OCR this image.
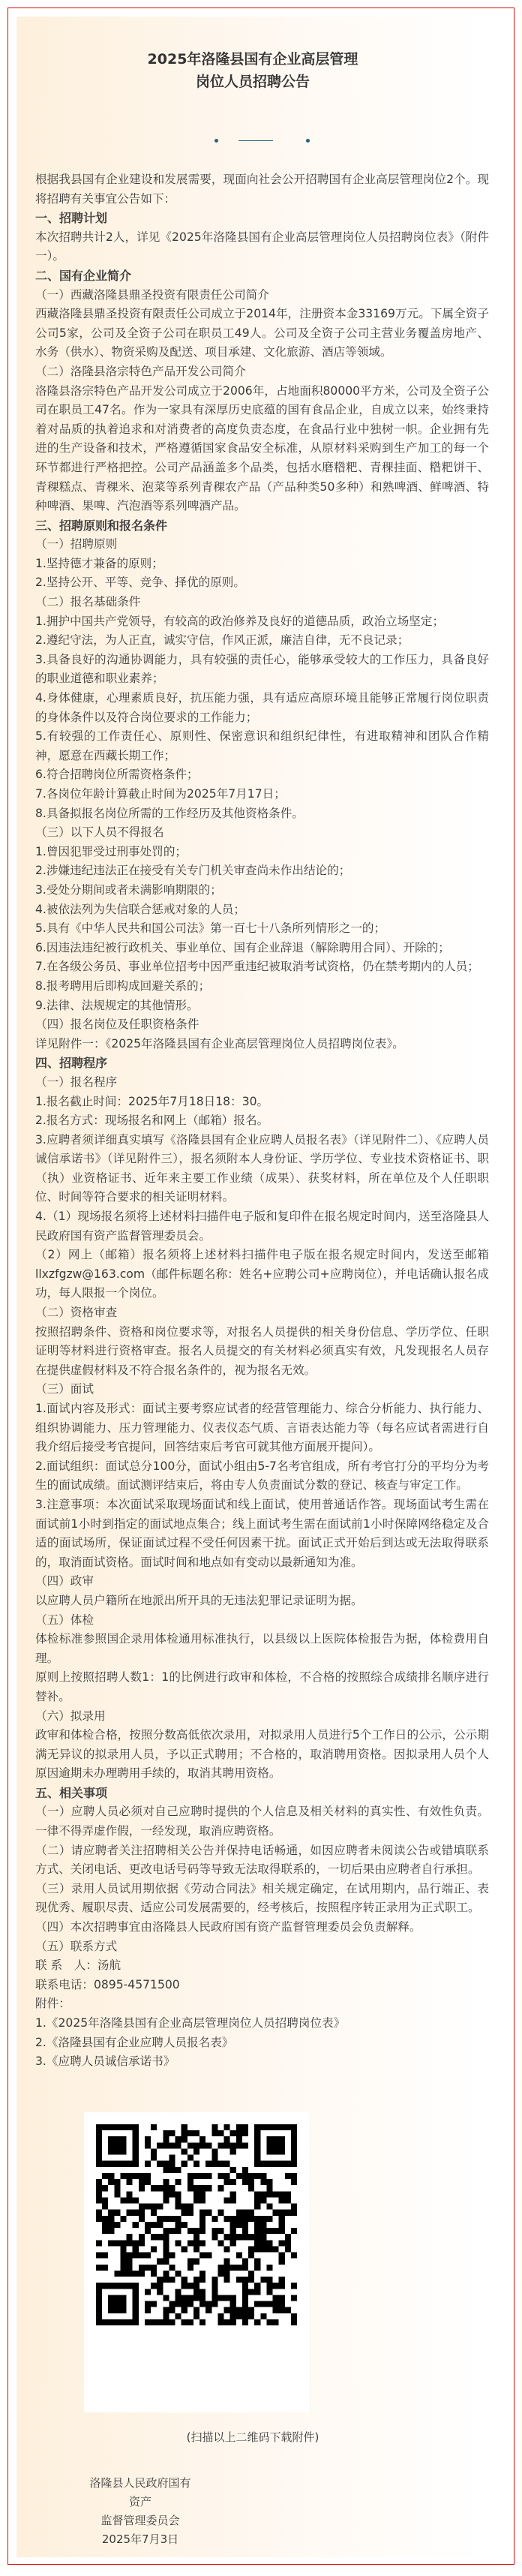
2025年洛隆县国有企业高层管理
岗位人员招聘公告

根据我县国有企业建设和发展需要，现面向社会公开招聘国有企业高层管理岗位2个。现将招聘有关事宜公告如下：

一、招聘计划

本次招聘共计2人，详见《2025年洛隆县国有企业高层管理岗位人员招聘岗位表》（附件一）。

二、国有企业简介

（一）西藏洛隆县鼎圣投资有限责任公司简介

西藏洛隆县鼎圣投资有限责任公司成立于2014年，注册资本金33169万元。下属全资子公司5家，公司及全资子公司在职员工49人。公司及全资子公司主营业务覆盖房地产、水务（供水）、物资采购及配送、项目承建、文化旅游、酒店等领域。

（二）洛隆县洛宗特色产品开发公司简介

洛隆县洛宗特色产品开发公司成立于2006年，占地面积80000平方米，公司及全资子公司在职员工47名。作为一家具有深厚历史底蕴的国有食品企业，自成立以来，始终秉持着对品质的执着追求和对消费者的高度负责态度，在食品行业中独树一帜。企业拥有先进的生产设备和技术，严格遵循国家食品安全标准，从原材料采购到生产加工的每一个环节都进行严格把控。公司产品涵盖多个品类，包括水磨糌粑、青稞挂面、糌粑饼干、青稞糕点、青稞米、泡菜等系列青稞农产品（产品种类50多种）和熟啤酒、鲜啤酒、特种啤酒、果啤、汽泡酒等系列啤酒产品。

三、招聘原则和报名条件

（一）招聘原则

1.坚持德才兼备的原则；

2.坚持公开、平等、竞争、择优的原则。

（二）报名基础条件

1.拥护中国共产党领导，有较高的政治修养及良好的道德品质，政治立场坚定；

2.遵纪守法，为人正直，诚实守信，作风正派，廉洁自律，无不良记录；

3.具备良好的沟通协调能力，具有较强的责任心，能够承受较大的工作压力，具备良好的职业道德和职业素养；

4.身体健康，心理素质良好，抗压能力强，具有适应高原环境且能够正常履行岗位职责的身体条件以及符合岗位要求的工作能力；

5.有较强的工作责任心、原则性、保密意识和组织纪律性，有进取精神和团队合作精神，愿意在西藏长期工作；

6.符合招聘岗位所需资格条件；

7.各岗位年龄计算截止时间为2025年7月17日；

8.具备拟报名岗位所需的工作经历及其他资格条件。

（三）以下人员不得报名

1.曾因犯罪受过刑事处罚的；

2.涉嫌违纪违法正在接受有关专门机关审查尚未作出结论的；

3.受处分期间或者未满影响期限的；

4.被依法列为失信联合惩戒对象的人员；

5.具有《中华人民共和国公司法》第一百七十八条所列情形之一的；

6.因违法违纪被行政机关、事业单位、国有企业辞退（解除聘用合同）、开除的；

7.在各级公务员、事业单位招考中因严重违纪被取消考试资格，仍在禁考期内的人员；

8.报考聘用后即构成回避关系的；

9.法律、法规规定的其他情形。

（四）报名岗位及任职资格条件

详见附件一：《2025年洛隆县国有企业高层管理岗位人员招聘岗位表》。

四、招聘程序

（一）报名程序

1.报名截止时间：2025年7月18日18：30。

2.报名方式：现场报名和网上（邮箱）报名。

3.应聘者须详细真实填写《洛隆县国有企业应聘人员报名表》（详见附件二）、《应聘人员诚信承诺书》（详见附件三），报名须附本人身份证、学历学位、专业技术资格证书、职（执）业资格证书、近年来主要工作业绩（成果）、获奖材料，所在单位及个人任职职位、时间等符合要求的相关证明材料。

4.（1）现场报名须将上述材料扫描件电子版和复印件在报名规定时间内，送至洛隆县人民政府国有资产监督管理委员会。

（2）网上（邮箱）报名须将上述材料扫描件电子版在报名规定时间内，发送至邮箱llxzfgzw@163.com（邮件标题名称：姓名+应聘公司+应聘岗位），并电话确认报名成功，每人限报一个岗位。

（二）资格审查

按照招聘条件、资格和岗位要求等，对报名人员提供的相关身份信息、学历学位、任职证明等材料进行资格审查。报名人员提交的有关材料必须真实有效，凡发现报名人员存在提供虚假材料及不符合报名条件的，视为报名无效。

（三）面试

1.面试内容及形式：面试主要考察应试者的经营管理能力、综合分析能力、执行能力、组织协调能力、压力管理能力、仪表仪态气质、言语表达能力等（每名应试者需进行自我介绍后接受考官提问，回答结束后考官可就其他方面展开提问）。

2.面试组织：面试总分100分，面试小组由5-7名考官组成，所有考官打分的平均分为考生的面试成绩。面试测评结束后，将由专人负责面试分数的登记、核查与审定工作。

3.注意事项：本次面试采取现场面试和线上面试，使用普通话作答。现场面试考生需在面试前1小时到指定的面试地点集合；线上面试考生需在面试前1小时保障网络稳定及合适的面试场所，保证面试过程不受任何因素干扰。面试正式开始后到达或无法取得联系的，取消面试资格。面试时间和地点如有变动以最新通知为准。

（四）政审

以应聘人员户籍所在地派出所开具的无违法犯罪记录证明为据。

（五）体检

体检标准参照国企录用体检通用标准执行，以县级以上医院体检报告为据，体检费用自理。

原则上按照招聘人数1：1的比例进行政审和体检，不合格的按照综合成绩排名顺序进行替补。

（六）拟录用

政审和体检合格，按照分数高低依次录用，对拟录用人员进行5个工作日的公示，公示期满无异议的拟录用人员，予以正式聘用；不合格的，取消聘用资格。因拟录用人员个人原因逾期未办理聘用手续的，取消其聘用资格。

五、相关事项

（一）应聘人员必须对自己应聘时提供的个人信息及相关材料的真实性、有效性负责。一律不得弄虚作假，一经发现，取消应聘资格。

（二）请应聘者关注招聘相关公告并保持电话畅通，如因应聘者未阅读公告或错填联系方式、关闭电话、更改电话号码等导致无法取得联系的，一切后果由应聘者自行承担。

（三）录用人员试用期依据《劳动合同法》相关规定确定，在试用期内，品行端正、表现优秀、履职尽责、适应公司发展需要的，经考核后，按照程序转正录用为正式职工。

（四）本次招聘事宜由洛隆县人民政府国有资产监督管理委员会负责解释。

（五）联系方式

联 系　人：汤航

联系电话：0895-4571500

附件：

1.《2025年洛隆县国有企业高层管理岗位人员招聘岗位表》

2.《洛隆县国有企业应聘人员报名表》

3.《应聘人员诚信承诺书》

(扫描以上二维码下载附件)
洛隆县人民政府国有资产
监督管理委员会
2025年7月3日
